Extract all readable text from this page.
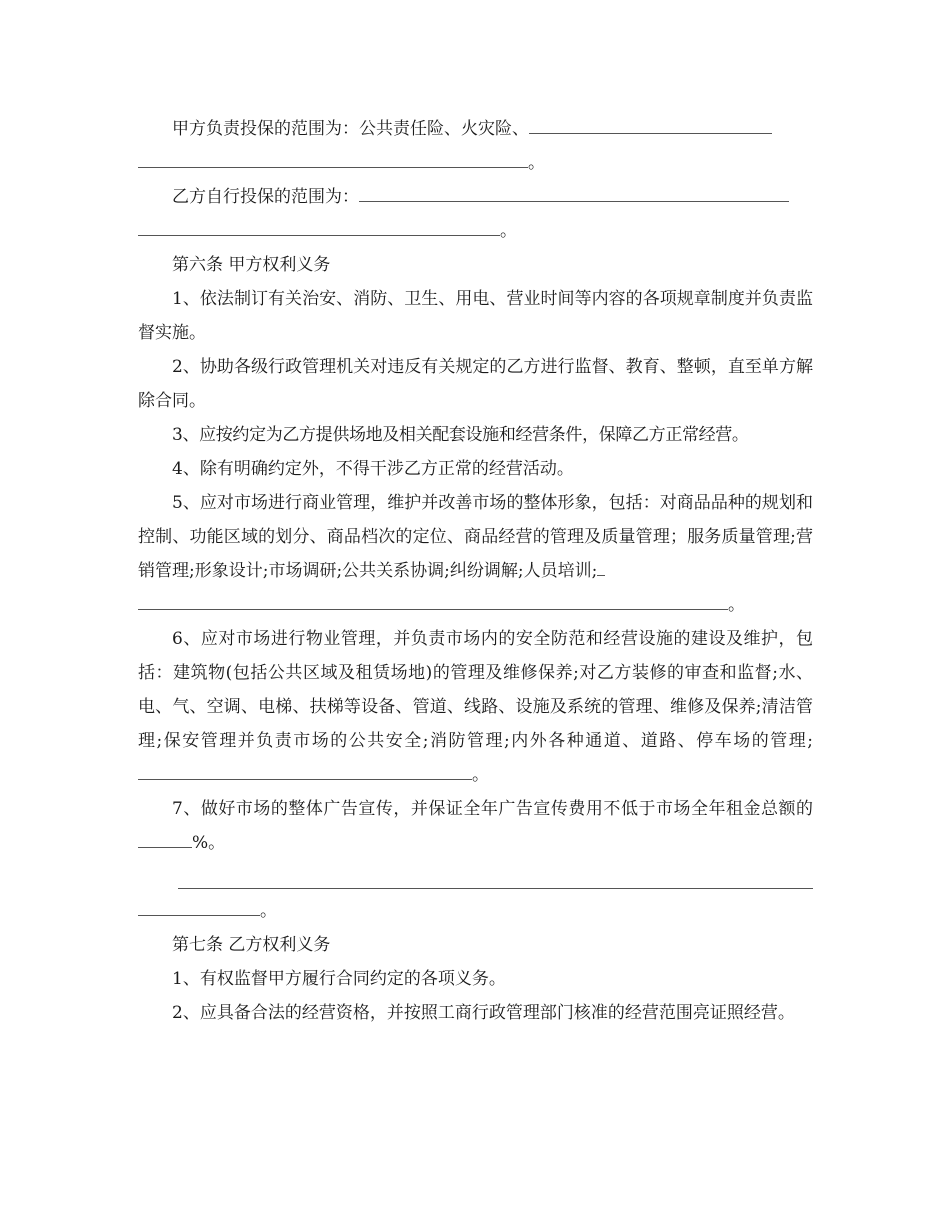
甲方负责投保的范围为：公共责任险、火灾险、
。
乙方自行投保的范围为：
。

第六条 甲方权利义务

1、依法制订有关治安、消防、卫生、用电、营业时间等内容的各项规章制度并负责监督实施。

2、协助各级行政管理机关对违反有关规定的乙方进行监督、教育、整顿，直至单方解除合同。

3、应按约定为乙方提供场地及相关配套设施和经营条件，保障乙方正常经营。

4、除有明确约定外，不得干涉乙方正常的经营活动。

5、应对市场进行商业管理，维护并改善市场的整体形象，包括：对商品品种的规划和控制、功能区域的划分、商品档次的定位、商品经营的管理及质量管理；服务质量管理;营销管理;形象设计;市场调研;公共关系协调;纠纷调解;人员培训;

。

6、应对市场进行物业管理，并负责市场内的安全防范和经营设施的建设及维护，包括：建筑物(包括公共区域及租赁场地)的管理及维修保养;对乙方装修的审查和监督;水、电、气、空调、电梯、扶梯等设备、管道、线路、设施及系统的管理、维修及保养;清洁管理;保安管理并负责市场的公共安全;消防管理;内外各种通道、道路、停车场的管理;。

7、做好市场的整体广告宣传，并保证全年广告宣传费用不低于市场全年租金总额的%。

。

第七条 乙方权利义务

1、有权监督甲方履行合同约定的各项义务。

2、应具备合法的经营资格，并按照工商行政管理部门核准的经营范围亮证照经营。
